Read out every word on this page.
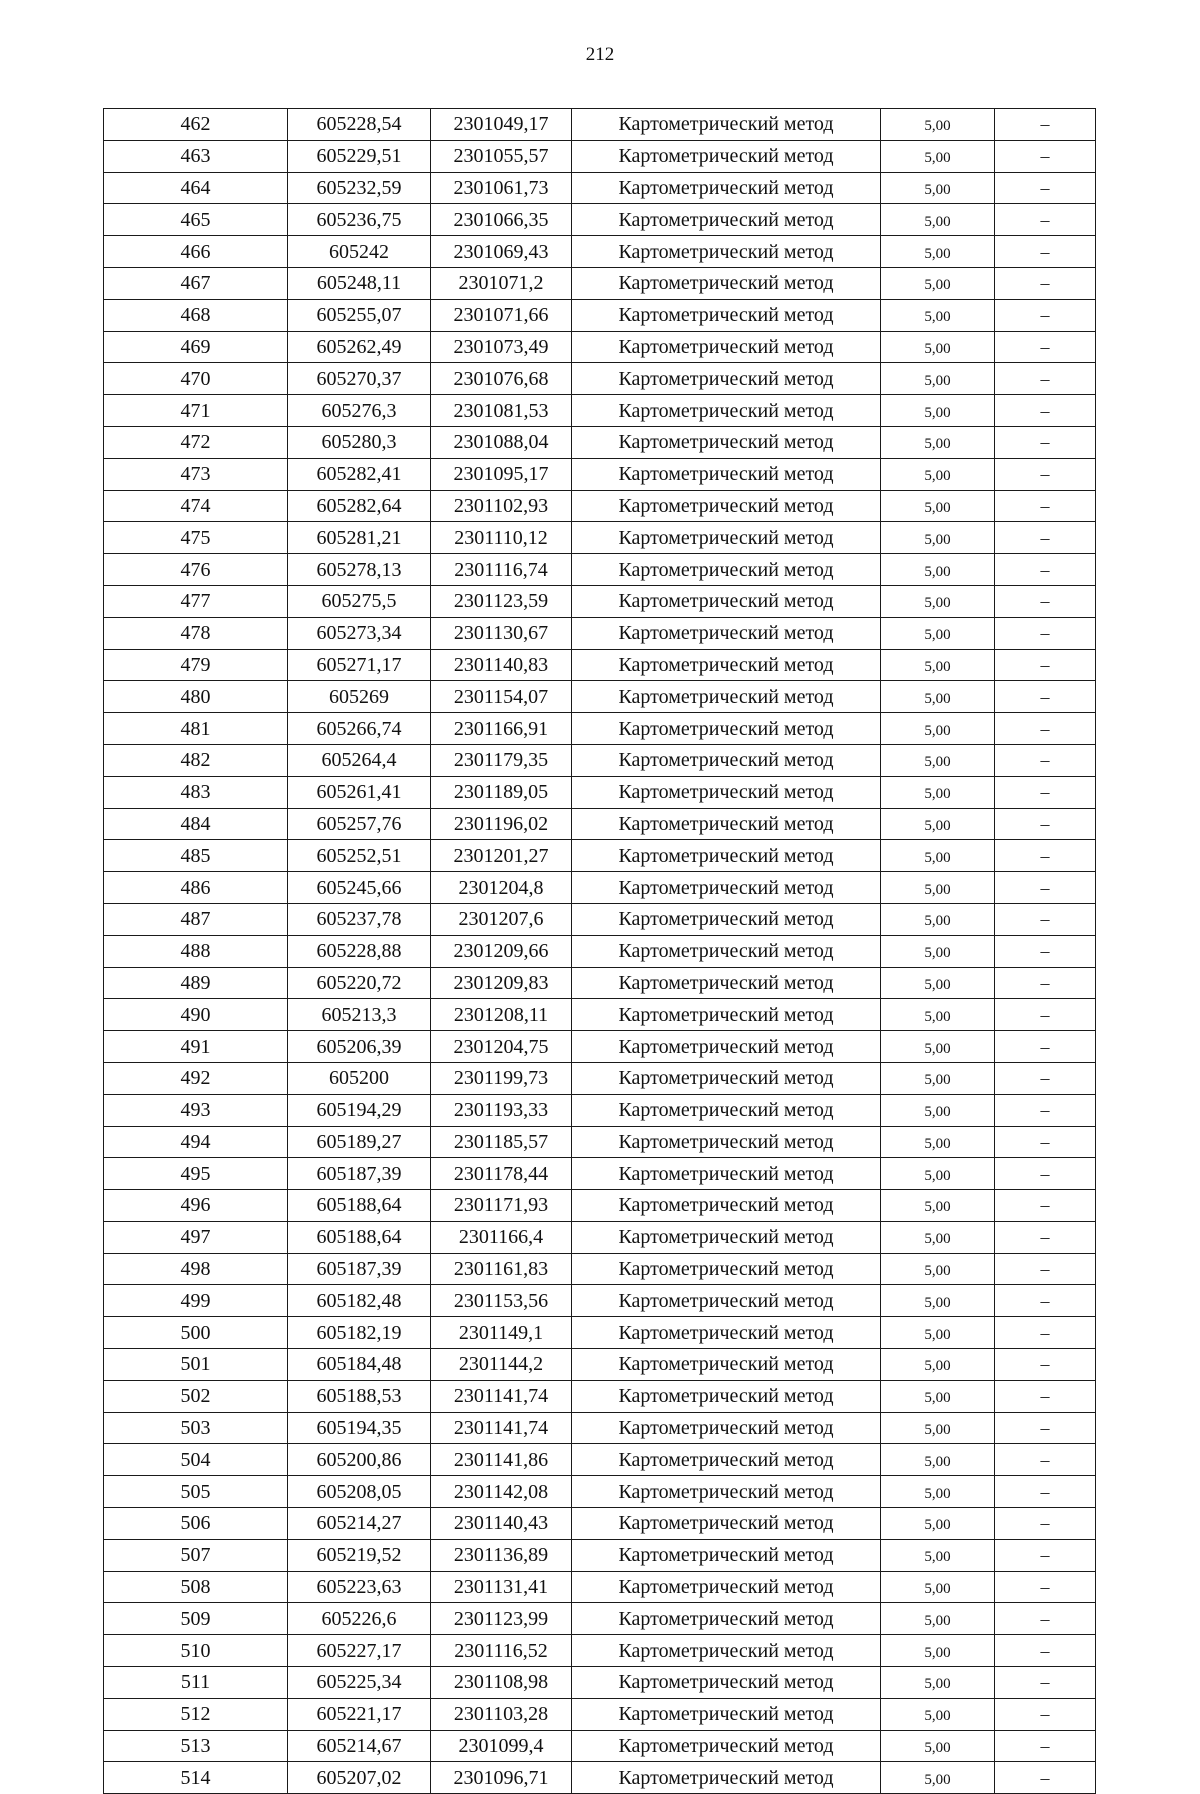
212
462	605228,54	2301049,17	Картометрический метод	5,00	–
463	605229,51	2301055,57	Картометрический метод	5,00	–
464	605232,59	2301061,73	Картометрический метод	5,00	–
465	605236,75	2301066,35	Картометрический метод	5,00	–
466	605242	2301069,43	Картометрический метод	5,00	–
467	605248,11	2301071,2	Картометрический метод	5,00	–
468	605255,07	2301071,66	Картометрический метод	5,00	–
469	605262,49	2301073,49	Картометрический метод	5,00	–
470	605270,37	2301076,68	Картометрический метод	5,00	–
471	605276,3	2301081,53	Картометрический метод	5,00	–
472	605280,3	2301088,04	Картометрический метод	5,00	–
473	605282,41	2301095,17	Картометрический метод	5,00	–
474	605282,64	2301102,93	Картометрический метод	5,00	–
475	605281,21	2301110,12	Картометрический метод	5,00	–
476	605278,13	2301116,74	Картометрический метод	5,00	–
477	605275,5	2301123,59	Картометрический метод	5,00	–
478	605273,34	2301130,67	Картометрический метод	5,00	–
479	605271,17	2301140,83	Картометрический метод	5,00	–
480	605269	2301154,07	Картометрический метод	5,00	–
481	605266,74	2301166,91	Картометрический метод	5,00	–
482	605264,4	2301179,35	Картометрический метод	5,00	–
483	605261,41	2301189,05	Картометрический метод	5,00	–
484	605257,76	2301196,02	Картометрический метод	5,00	–
485	605252,51	2301201,27	Картометрический метод	5,00	–
486	605245,66	2301204,8	Картометрический метод	5,00	–
487	605237,78	2301207,6	Картометрический метод	5,00	–
488	605228,88	2301209,66	Картометрический метод	5,00	–
489	605220,72	2301209,83	Картометрический метод	5,00	–
490	605213,3	2301208,11	Картометрический метод	5,00	–
491	605206,39	2301204,75	Картометрический метод	5,00	–
492	605200	2301199,73	Картометрический метод	5,00	–
493	605194,29	2301193,33	Картометрический метод	5,00	–
494	605189,27	2301185,57	Картометрический метод	5,00	–
495	605187,39	2301178,44	Картометрический метод	5,00	–
496	605188,64	2301171,93	Картометрический метод	5,00	–
497	605188,64	2301166,4	Картометрический метод	5,00	–
498	605187,39	2301161,83	Картометрический метод	5,00	–
499	605182,48	2301153,56	Картометрический метод	5,00	–
500	605182,19	2301149,1	Картометрический метод	5,00	–
501	605184,48	2301144,2	Картометрический метод	5,00	–
502	605188,53	2301141,74	Картометрический метод	5,00	–
503	605194,35	2301141,74	Картометрический метод	5,00	–
504	605200,86	2301141,86	Картометрический метод	5,00	–
505	605208,05	2301142,08	Картометрический метод	5,00	–
506	605214,27	2301140,43	Картометрический метод	5,00	–
507	605219,52	2301136,89	Картометрический метод	5,00	–
508	605223,63	2301131,41	Картометрический метод	5,00	–
509	605226,6	2301123,99	Картометрический метод	5,00	–
510	605227,17	2301116,52	Картометрический метод	5,00	–
511	605225,34	2301108,98	Картометрический метод	5,00	–
512	605221,17	2301103,28	Картометрический метод	5,00	–
513	605214,67	2301099,4	Картометрический метод	5,00	–
514	605207,02	2301096,71	Картометрический метод	5,00	–
